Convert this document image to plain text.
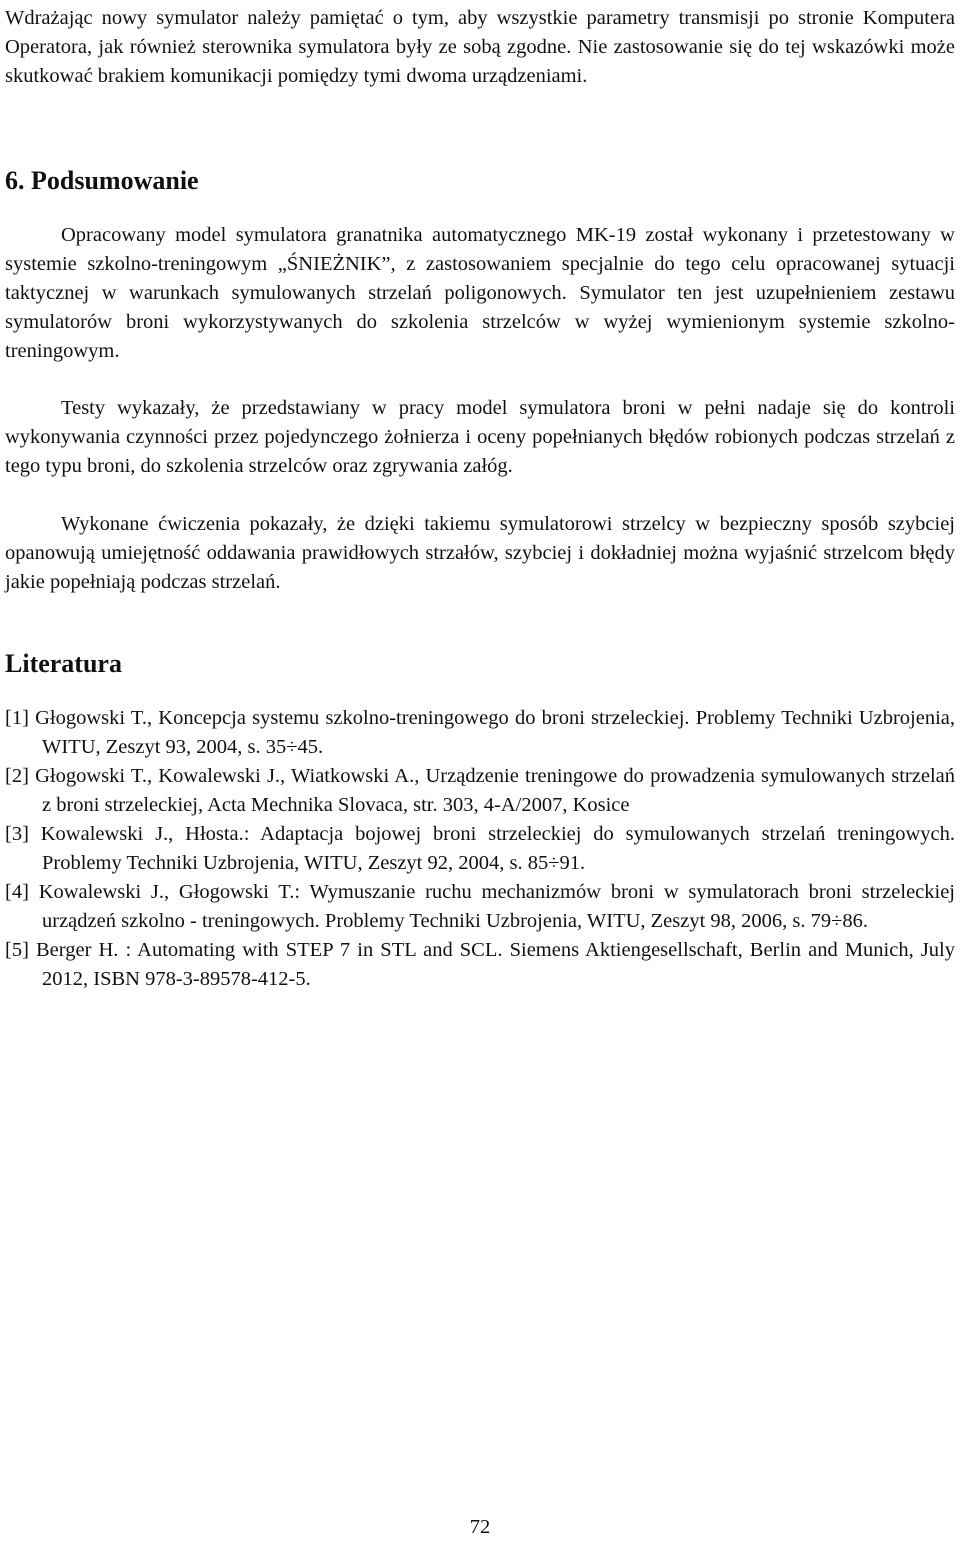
Wdrażając nowy symulator należy pamiętać o tym, aby wszystkie parametry transmisji po stronie Komputera Operatora, jak również sterownika symulatora były ze sobą zgodne. Nie zastosowanie się do tej wskazówki może skutkować brakiem komunikacji pomiędzy tymi dwoma urządzeniami.

6. Podsumowanie

Opracowany model symulatora granatnika automatycznego MK-19 został wykonany i przetestowany w systemie szkolno-treningowym „ŚNIEŻNIK”, z zastosowaniem specjalnie do tego celu opracowanej sytuacji taktycznej w warunkach symulowanych strzelań poligonowych. Symulator ten jest uzupełnieniem zestawu symulatorów broni wykorzystywanych do szkolenia strzelców w wyżej wymienionym systemie szkolno-treningowym.

Testy wykazały, że przedstawiany w pracy model symulatora broni w pełni nadaje się do kontroli wykonywania czynności przez pojedynczego żołnierza i oceny popełnianych błędów robionych podczas strzelań z tego typu broni, do szkolenia strzelców oraz zgrywania załóg.

Wykonane ćwiczenia pokazały, że dzięki takiemu symulatorowi strzelcy w bezpieczny sposób szybciej opanowują umiejętność oddawania prawidłowych strzałów, szybciej i dokładniej można wyjaśnić strzelcom błędy jakie popełniają podczas strzelań.

Literatura
[1] Głogowski T., Koncepcja systemu szkolno-treningowego do broni strzeleckiej. Problemy Techniki Uzbrojenia, WITU, Zeszyt 93, 2004, s. 35÷45.
[2] Głogowski T., Kowalewski J., Wiatkowski A., Urządzenie treningowe do prowadzenia symulowanych strzelań z broni strzeleckiej, Acta Mechnika Slovaca, str. 303, 4-A/2007, Kosice
[3] Kowalewski J., Hłosta.: Adaptacja bojowej broni strzeleckiej do symulowanych strzelań treningowych. Problemy Techniki Uzbrojenia, WITU, Zeszyt 92, 2004, s. 85÷91.
[4] Kowalewski J., Głogowski T.: Wymuszanie ruchu mechanizmów broni w symulatorach broni strzeleckiej urządzeń szkolno - treningowych. Problemy Techniki Uzbrojenia, WITU, Zeszyt 98, 2006, s. 79÷86.
[5] Berger H. : Automating with STEP 7 in STL and SCL. Siemens Aktiengesellschaft, Berlin and Munich, July 2012, ISBN 978-3-89578-412-5.
72
